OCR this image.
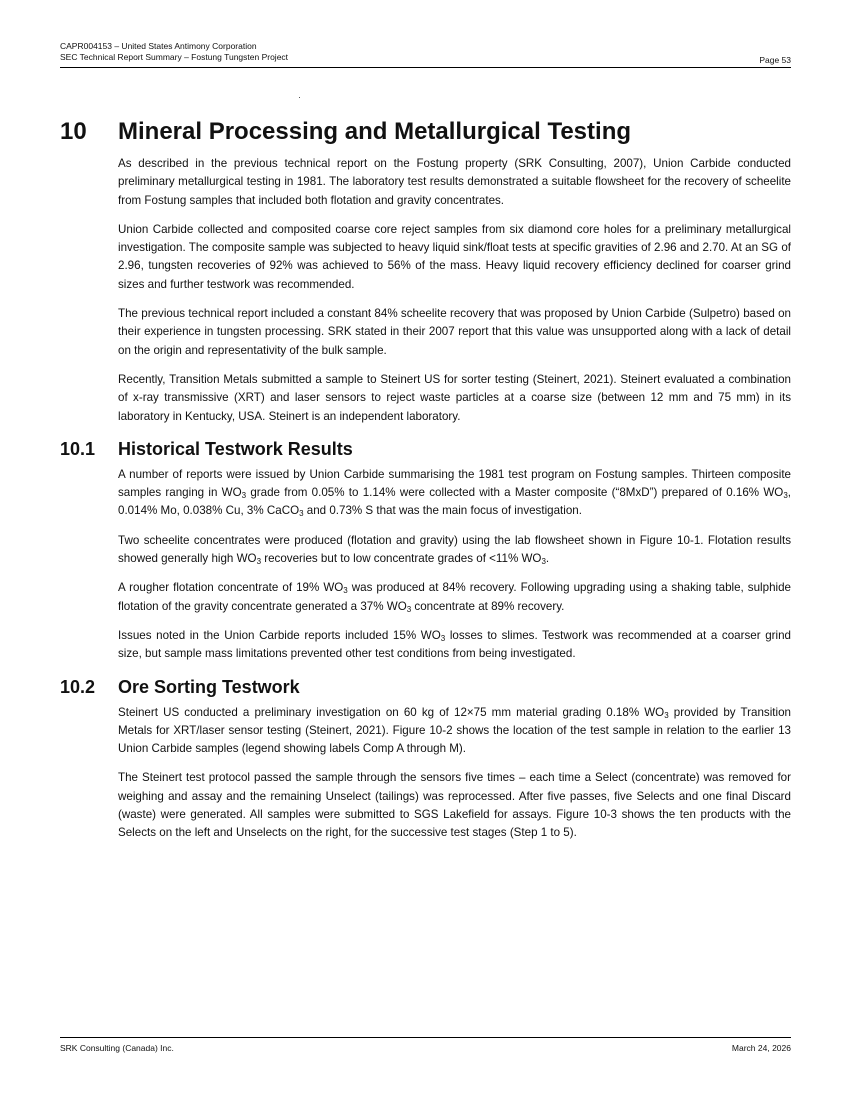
CAPR004153 – United States Antimony Corporation
SEC Technical Report Summary – Fostung Tungsten Project	Page 53
10	Mineral Processing and Metallurgical Testing

As described in the previous technical report on the Fostung property (SRK Consulting, 2007), Union Carbide conducted preliminary metallurgical testing in 1981. The laboratory test results demonstrated a suitable flowsheet for the recovery of scheelite from Fostung samples that included both flotation and gravity concentrates.

Union Carbide collected and composited coarse core reject samples from six diamond core holes for a preliminary metallurgical investigation. The composite sample was subjected to heavy liquid sink/float tests at specific gravities of 2.96 and 2.70. At an SG of 2.96, tungsten recoveries of 92% was achieved to 56% of the mass. Heavy liquid recovery efficiency declined for coarser grind sizes and further testwork was recommended.

The previous technical report included a constant 84% scheelite recovery that was proposed by Union Carbide (Sulpetro) based on their experience in tungsten processing. SRK stated in their 2007 report that this value was unsupported along with a lack of detail on the origin and representativity of the bulk sample.

Recently, Transition Metals submitted a sample to Steinert US for sorter testing (Steinert, 2021). Steinert evaluated a combination of x-ray transmissive (XRT) and laser sensors to reject waste particles at a coarse size (between 12 mm and 75 mm) in its laboratory in Kentucky, USA. Steinert is an independent laboratory.

10.1	Historical Testwork Results

A number of reports were issued by Union Carbide summarising the 1981 test program on Fostung samples. Thirteen composite samples ranging in $WO_3$ grade from 0.05% to 1.14% were collected with a Master composite (“8MxD”) prepared of 0.16% $WO_3$, 0.014% Mo, 0.038% Cu, 3% CaCO$_3$ and 0.73% S that was the main focus of investigation.

Two scheelite concentrates were produced (flotation and gravity) using the lab flowsheet shown in Figure 10-1. Flotation results showed generally high $WO_3$ recoveries but to low concentrate grades of <11% $WO_3$.

A rougher flotation concentrate of 19% $WO_3$ was produced at 84% recovery. Following upgrading using a shaking table, sulphide flotation of the gravity concentrate generated a 37% $WO_3$ concentrate at 89% recovery.

Issues noted in the Union Carbide reports included 15% $WO_3$ losses to slimes. Testwork was recommended at a coarser grind size, but sample mass limitations prevented other test conditions from being investigated.

10.2	Ore Sorting Testwork

Steinert US conducted a preliminary investigation on 60 kg of 12×75 mm material grading 0.18% $WO_3$ provided by Transition Metals for XRT/laser sensor testing (Steinert, 2021). Figure 10-2 shows the location of the test sample in relation to the earlier 13 Union Carbide samples (legend showing labels Comp A through M).

The Steinert test protocol passed the sample through the sensors five times – each time a Select (concentrate) was removed for weighing and assay and the remaining Unselect (tailings) was reprocessed. After five passes, five Selects and one final Discard (waste) were generated. All samples were submitted to SGS Lakefield for assays. Figure 10-3 shows the ten products with the Selects on the left and Unselects on the right, for the successive test stages (Step 1 to 5).

SRK Consulting (Canada) Inc.	March 24, 2026
